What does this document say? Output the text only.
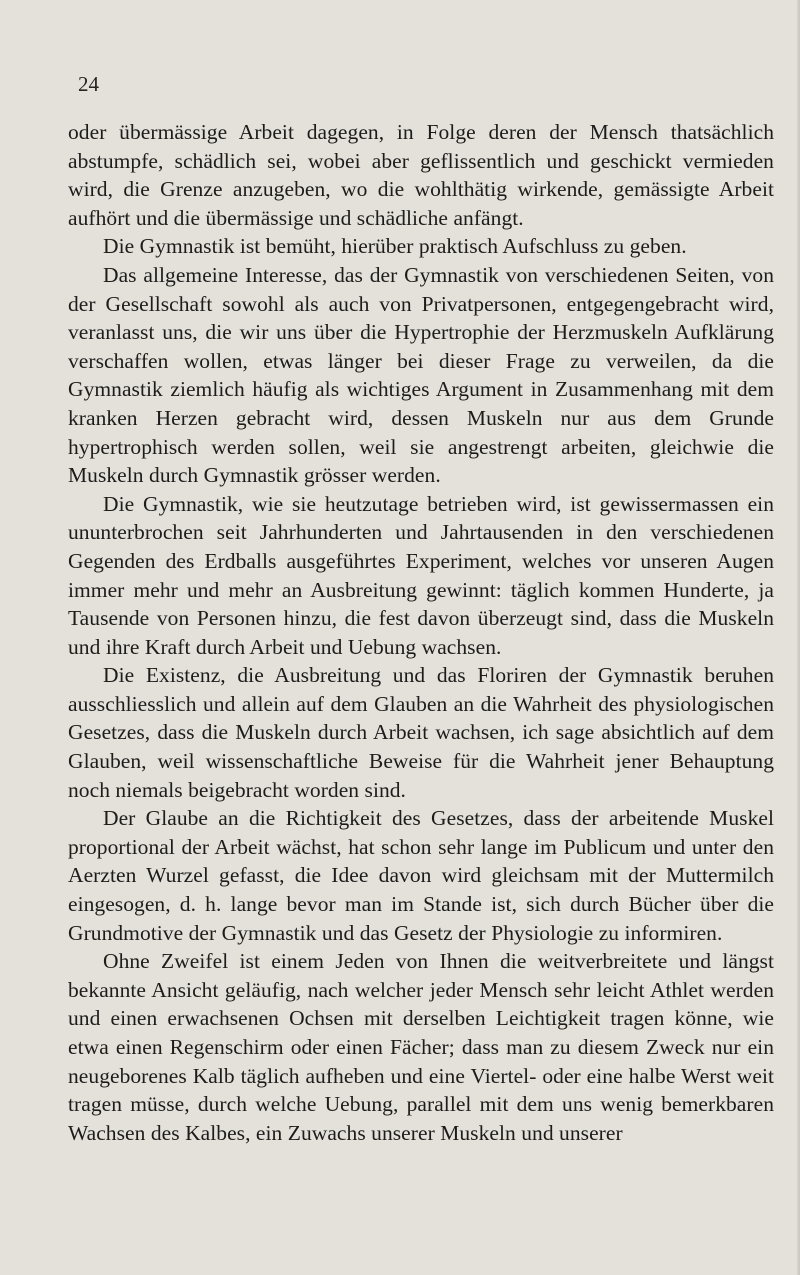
24

oder übermässige Arbeit dagegen, in Folge deren der Mensch thatsächlich abstumpfe, schädlich sei, wobei aber geflissentlich und geschickt vermieden wird, die Grenze anzugeben, wo die wohlthätig wirkende, gemässigte Arbeit aufhört und die übermässige und schädliche anfängt.

Die Gymnastik ist bemüht, hierüber praktisch Aufschluss zu geben.

Das allgemeine Interesse, das der Gymnastik von verschiedenen Seiten, von der Gesellschaft sowohl als auch von Privatpersonen, entgegengebracht wird, veranlasst uns, die wir uns über die Hypertrophie der Herzmuskeln Aufklärung verschaffen wollen, etwas länger bei dieser Frage zu verweilen, da die Gymnastik ziemlich häufig als wichtiges Argument in Zusammenhang mit dem kranken Herzen gebracht wird, dessen Muskeln nur aus dem Grunde hypertrophisch werden sollen, weil sie angestrengt arbeiten, gleichwie die Muskeln durch Gymnastik grösser werden.

Die Gymnastik, wie sie heutzutage betrieben wird, ist gewissermassen ein ununterbrochen seit Jahrhunderten und Jahrtausenden in den verschiedenen Gegenden des Erdballs ausgeführtes Experiment, welches vor unseren Augen immer mehr und mehr an Ausbreitung gewinnt: täglich kommen Hunderte, ja Tausende von Personen hinzu, die fest davon überzeugt sind, dass die Muskeln und ihre Kraft durch Arbeit und Uebung wachsen.

Die Existenz, die Ausbreitung und das Floriren der Gymnastik beruhen ausschliesslich und allein auf dem Glauben an die Wahrheit des physiologischen Gesetzes, dass die Muskeln durch Arbeit wachsen, ich sage absichtlich auf dem Glauben, weil wissenschaftliche Beweise für die Wahrheit jener Behauptung noch niemals beigebracht worden sind.

Der Glaube an die Richtigkeit des Gesetzes, dass der arbeitende Muskel proportional der Arbeit wächst, hat schon sehr lange im Publicum und unter den Aerzten Wurzel gefasst, die Idee davon wird gleichsam mit der Muttermilch eingesogen, d. h. lange bevor man im Stande ist, sich durch Bücher über die Grundmotive der Gymnastik und das Gesetz der Physiologie zu informiren.

Ohne Zweifel ist einem Jeden von Ihnen die weitverbreitete und längst bekannte Ansicht geläufig, nach welcher jeder Mensch sehr leicht Athlet werden und einen erwachsenen Ochsen mit derselben Leichtigkeit tragen könne, wie etwa einen Regenschirm oder einen Fächer; dass man zu diesem Zweck nur ein neugeborenes Kalb täglich aufheben und eine Viertel- oder eine halbe Werst weit tragen müsse, durch welche Uebung, parallel mit dem uns wenig bemerkbaren Wachsen des Kalbes, ein Zuwachs unserer Muskeln und unserer
